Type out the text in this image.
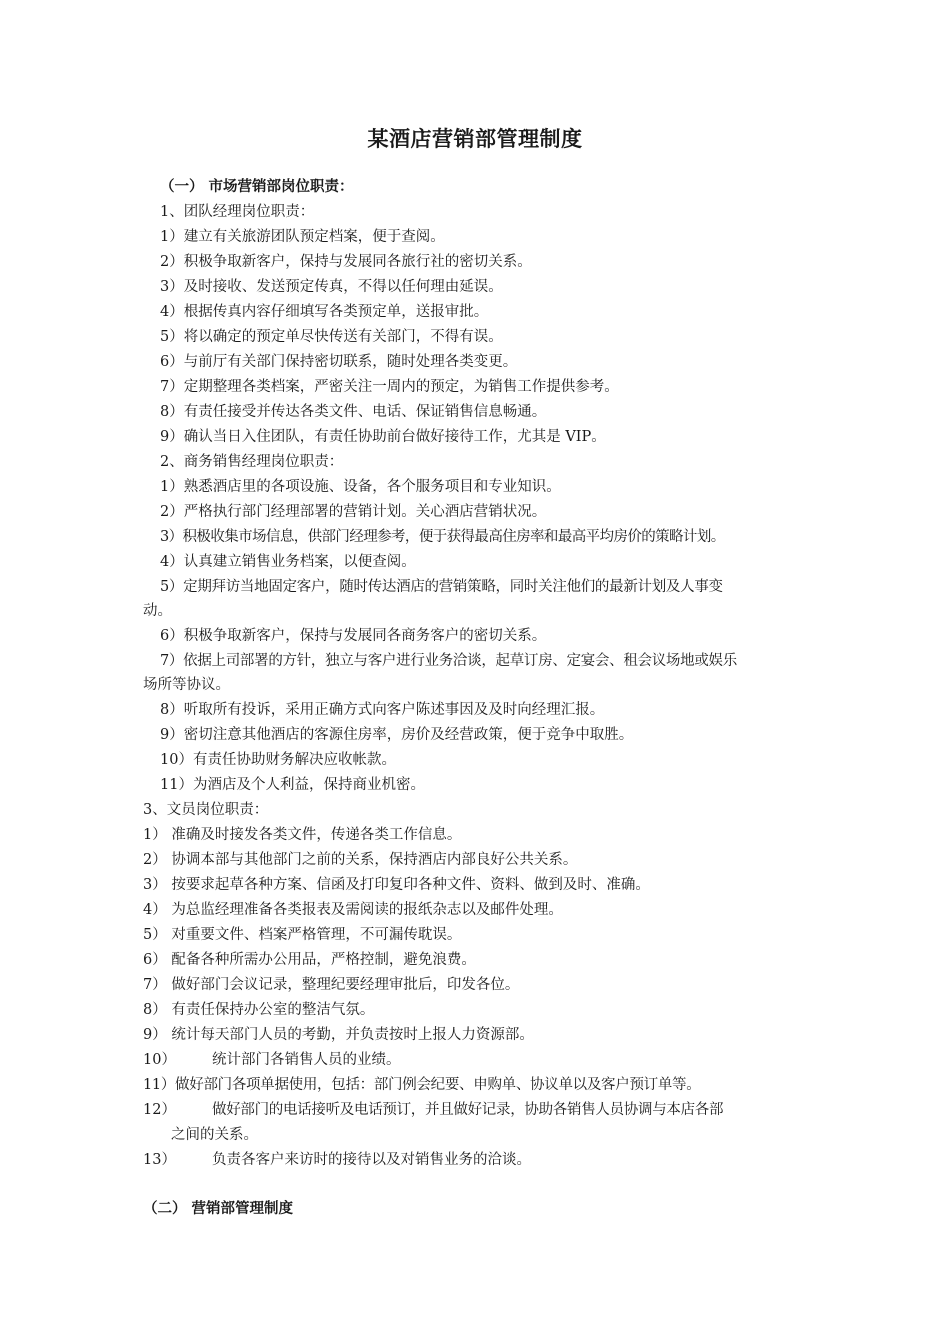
某酒店营销部管理制度
（一） 市场营销部岗位职责：
1、团队经理岗位职责：
1）建立有关旅游团队预定档案，便于查阅。
2）积极争取新客户，保持与发展同各旅行社的密切关系。
3）及时接收、发送预定传真，不得以任何理由延误。
4）根据传真内容仔细填写各类预定单，送报审批。
5）将以确定的预定单尽快传送有关部门，不得有误。
6）与前厅有关部门保持密切联系，随时处理各类变更。
7）定期整理各类档案，严密关注一周内的预定，为销售工作提供参考。
8）有责任接受并传达各类文件、电话、保证销售信息畅通。
9）确认当日入住团队，有责任协助前台做好接待工作，尤其是 VIP。
2、商务销售经理岗位职责：
1）熟悉酒店里的各项设施、设备，各个服务项目和专业知识。
2）严格执行部门经理部署的营销计划。关心酒店营销状况。
3）积极收集市场信息，供部门经理参考，便于获得最高住房率和最高平均房价的策略计划。
4）认真建立销售业务档案，以便查阅。
5）定期拜访当地固定客户，随时传达酒店的营销策略，同时关注他们的最新计划及人事变
动。
6）积极争取新客户，保持与发展同各商务客户的密切关系。
7）依据上司部署的方针，独立与客户进行业务洽谈，起草订房、定宴会、租会议场地或娱乐
场所等协议。
8）听取所有投诉，采用正确方式向客户陈述事因及及时向经理汇报。
9）密切注意其他酒店的客源住房率，房价及经营政策，便于竞争中取胜。
10）有责任协助财务解决应收帐款。
11）为酒店及个人利益，保持商业机密。
3、文员岗位职责：
1） 准确及时接发各类文件，传递各类工作信息。
2） 协调本部与其他部门之前的关系，保持酒店内部良好公共关系。
3） 按要求起草各种方案、信函及打印复印各种文件、资料、做到及时、准确。
4） 为总监经理准备各类报表及需阅读的报纸杂志以及邮件处理。
5） 对重要文件、档案严格管理，不可漏传耽误。
6） 配备各种所需办公用品，严格控制，避免浪费。
7） 做好部门会议记录，整理纪要经理审批后，印发各位。
8） 有责任保持办公室的整洁气氛。
9） 统计每天部门人员的考勤，并负责按时上报人力资源部。
10） 统计部门各销售人员的业绩。
11）做好部门各项单据使用，包括：部门例会纪要、申购单、协议单以及客户预订单等。
12） 做好部门的电话接听及电话预订，并且做好记录，协助各销售人员协调与本店各部
之间的关系。
13） 负责各客户来访时的接待以及对销售业务的洽谈。
（二） 营销部管理制度
